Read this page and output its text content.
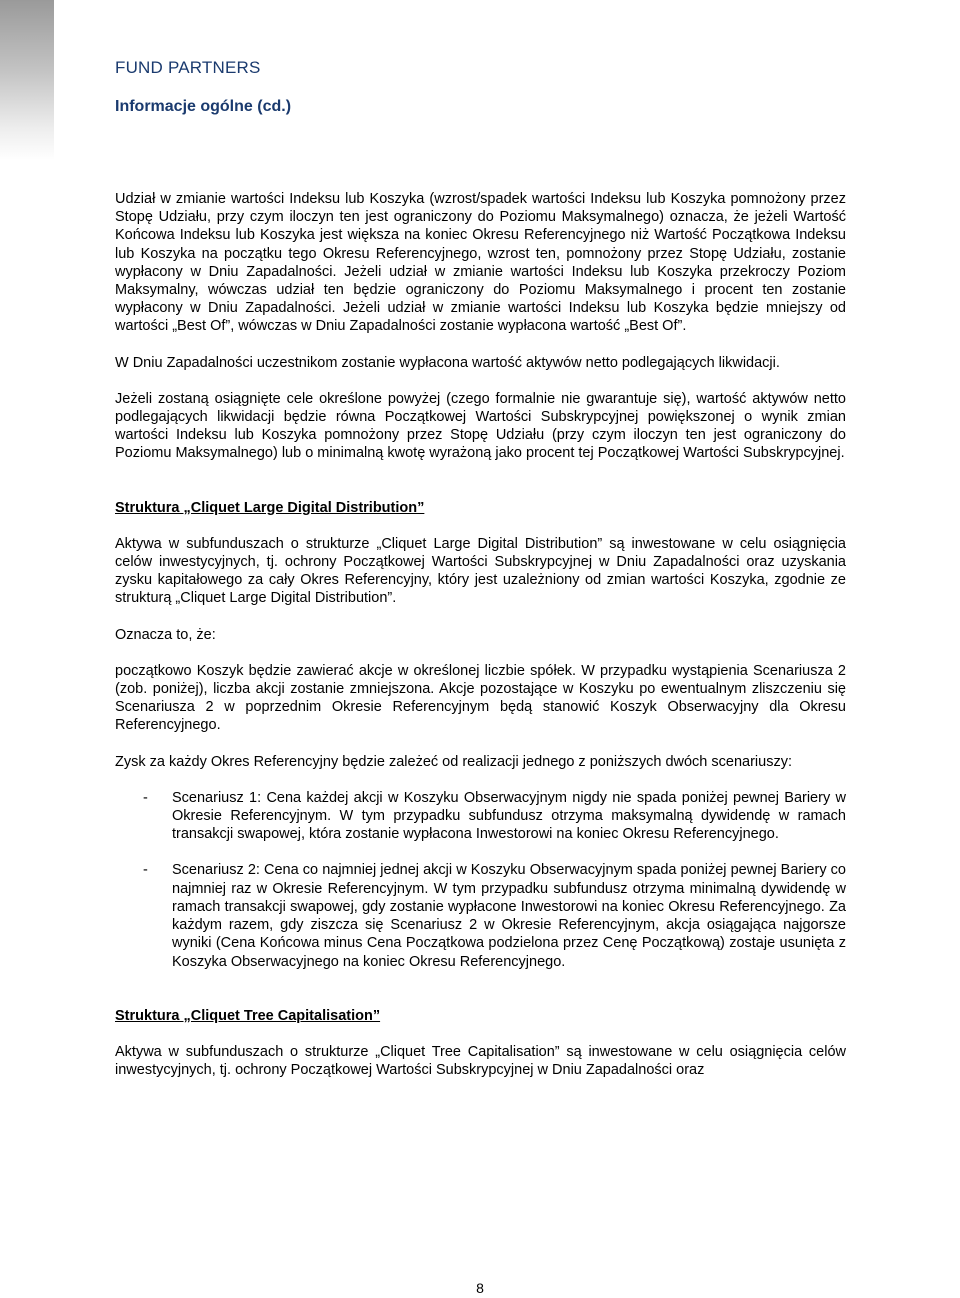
FUND PARTNERS
Informacje ogólne (cd.)

Udział w zmianie wartości Indeksu lub Koszyka (wzrost/spadek wartości Indeksu lub Koszyka pomnożony przez Stopę Udziału, przy czym iloczyn ten jest ograniczony do Poziomu Maksymalnego) oznacza, że jeżeli Wartość Końcowa Indeksu lub Koszyka jest większa na koniec Okresu Referencyjnego niż Wartość Początkowa Indeksu lub Koszyka na początku tego Okresu Referencyjnego, wzrost ten, pomnożony przez Stopę Udziału, zostanie wypłacony w Dniu Zapadalności. Jeżeli udział w zmianie wartości Indeksu lub Koszyka przekroczy Poziom Maksymalny, wówczas udział ten będzie ograniczony do Poziomu Maksymalnego i procent ten zostanie wypłacony w Dniu Zapadalności. Jeżeli udział w zmianie wartości Indeksu lub Koszyka będzie mniejszy od wartości „Best Of”, wówczas w Dniu Zapadalności zostanie wypłacona wartość „Best Of”.

W Dniu Zapadalności uczestnikom zostanie wypłacona wartość aktywów netto podlegających likwidacji.

Jeżeli zostaną osiągnięte cele określone powyżej (czego formalnie nie gwarantuje się), wartość aktywów netto podlegających likwidacji będzie równa Początkowej Wartości Subskrypcyjnej powiększonej o wynik zmian wartości Indeksu lub Koszyka pomnożony przez Stopę Udziału (przy czym iloczyn ten jest ograniczony do Poziomu Maksymalnego) lub o minimalną kwotę wyrażoną jako procent tej Początkowej Wartości Subskrypcyjnej.

Struktura „Cliquet Large Digital Distribution”

Aktywa w subfunduszach o strukturze „Cliquet Large Digital Distribution” są inwestowane w celu osiągnięcia celów inwestycyjnych, tj. ochrony Początkowej Wartości Subskrypcyjnej w Dniu Zapadalności oraz uzyskania zysku kapitałowego za cały Okres Referencyjny, który jest uzależniony od zmian wartości Koszyka, zgodnie ze strukturą „Cliquet Large Digital Distribution”.

Oznacza to, że:

początkowo Koszyk będzie zawierać akcje w określonej liczbie spółek. W przypadku wystąpienia Scenariusza 2 (zob. poniżej), liczba akcji zostanie zmniejszona. Akcje pozostające w Koszyku po ewentualnym zliszczeniu się Scenariusza 2 w poprzednim Okresie Referencyjnym będą stanowić Koszyk Obserwacyjny dla Okresu Referencyjnego.

Zysk za każdy Okres Referencyjny będzie zależeć od realizacji jednego z poniższych dwóch scenariuszy:

-	Scenariusz 1: Cena każdej akcji w Koszyku Obserwacyjnym nigdy nie spada poniżej pewnej Bariery w Okresie Referencyjnym. W tym przypadku subfundusz otrzyma maksymalną dywidendę w ramach transakcji swapowej, która zostanie wypłacona Inwestorowi na koniec Okresu Referencyjnego.
-	Scenariusz 2: Cena co najmniej jednej akcji w Koszyku Obserwacyjnym spada poniżej pewnej Bariery co najmniej raz w Okresie Referencyjnym. W tym przypadku subfundusz otrzyma minimalną dywidendę w ramach transakcji swapowej, gdy zostanie wypłacone Inwestorowi na koniec Okresu Referencyjnego. Za każdym razem, gdy ziszcza się Scenariusz 2 w Okresie Referencyjnym, akcja osiągająca najgorsze wyniki (Cena Końcowa minus Cena Początkowa podzielona przez Cenę Początkową) zostaje usunięta z Koszyka Obserwacyjnego na koniec Okresu Referencyjnego.
Struktura „Cliquet Tree Capitalisation”

Aktywa w subfunduszach o strukturze „Cliquet Tree Capitalisation” są inwestowane w celu osiągnięcia celów inwestycyjnych, tj. ochrony Początkowej Wartości Subskrypcyjnej w Dniu Zapadalności oraz

8
